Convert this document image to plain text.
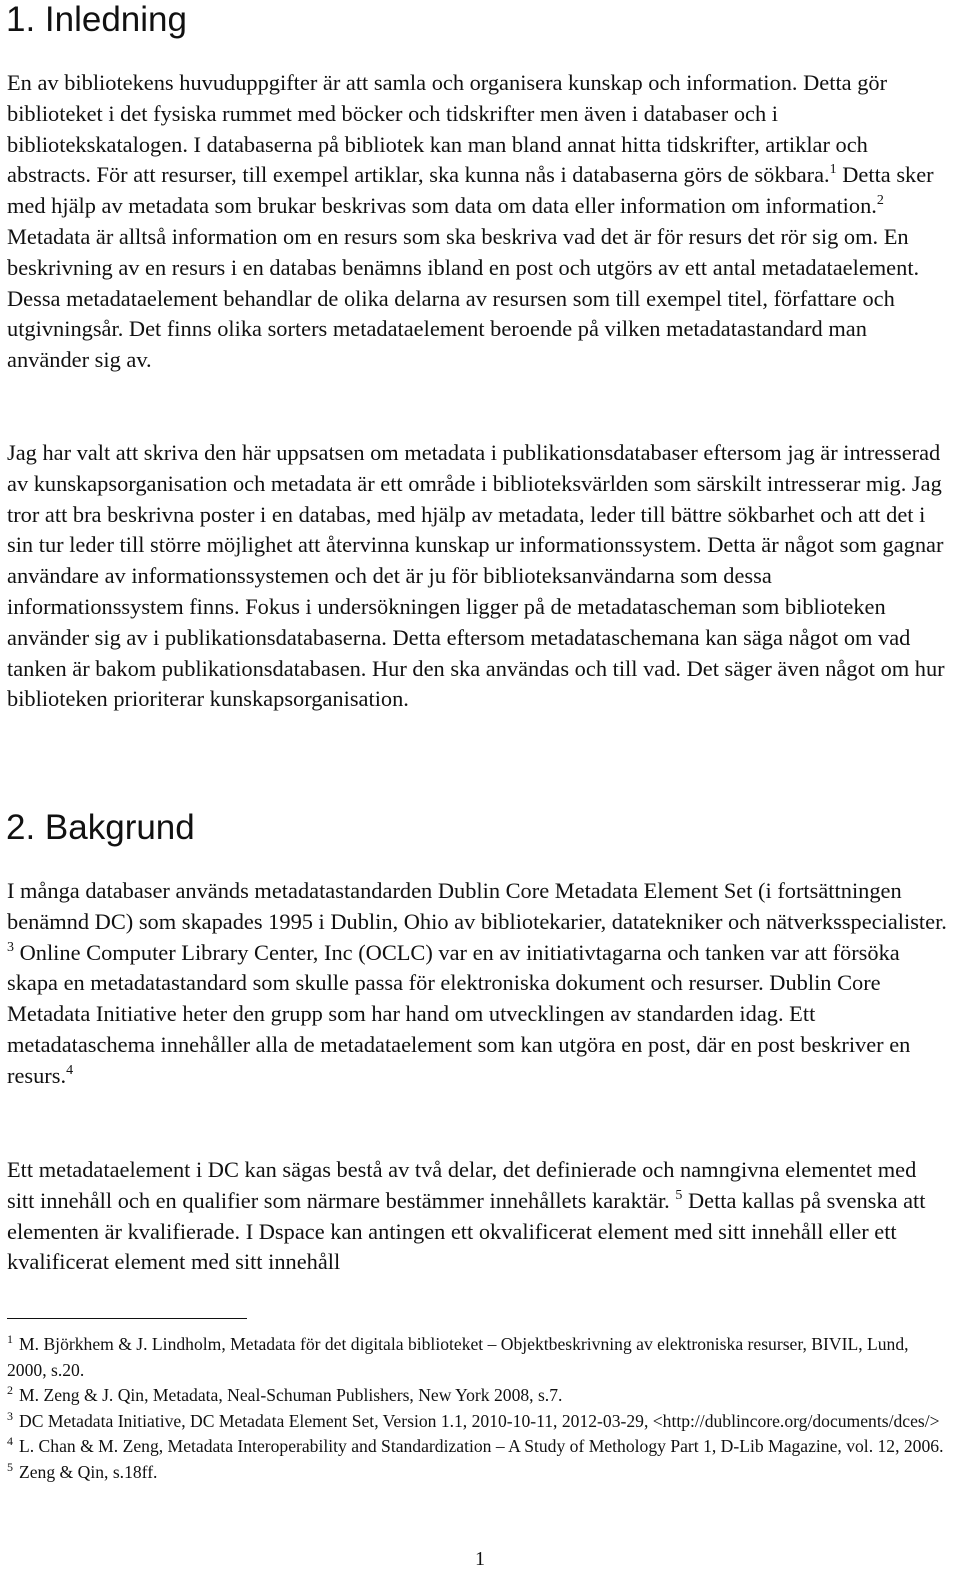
1. Inledning

En av bibliotekens huvuduppgifter är att samla och organisera kunskap och information. Detta gör biblioteket i det fysiska rummet med böcker och tidskrifter men även i databaser och i bibliotekskatalogen. I databaserna på bibliotek kan man bland annat hitta tidskrifter, artiklar och abstracts. För att resurser, till exempel artiklar, ska kunna nås i databaserna görs de sökbara.$^1$ Detta sker med hjälp av metadata som brukar beskrivas som data om data eller information om information.$^2$ Metadata är alltså information om en resurs som ska beskriva vad det är för resurs det rör sig om. En beskrivning av en resurs i en databas benämns ibland en post och utgörs av ett antal metadataelement. Dessa metadataelement behandlar de olika delarna av resursen som till exempel titel, författare och utgivningsår. Det finns olika sorters metadataelement beroende på vilken metadatastandard man använder sig av.

Jag har valt att skriva den här uppsatsen om metadata i publikationsdatabaser eftersom jag är intresserad av kunskapsorganisation och metadata är ett område i biblioteksvärlden som särskilt intresserar mig. Jag tror att bra beskrivna poster i en databas, med hjälp av metadata, leder till bättre sökbarhet och att det i sin tur leder till större möjlighet att återvinna kunskap ur informationssystem. Detta är något som gagnar användare av informationssystemen och det är ju för biblioteksanvändarna som dessa informationssystem finns. Fokus i undersökningen ligger på de metadatascheman som biblioteken använder sig av i publikationsdatabaserna. Detta eftersom metadataschemana kan säga något om vad tanken är bakom publikationsdatabasen. Hur den ska användas och till vad. Det säger även något om hur biblioteken prioriterar kunskapsorganisation.

2. Bakgrund

I många databaser används metadatastandarden Dublin Core Metadata Element Set (i fortsättningen benämnd DC) som skapades 1995 i Dublin, Ohio av bibliotekarier, datatekniker och nätverksspecialister. $^3$ Online Computer Library Center, Inc (OCLC) var en av initiativtagarna och tanken var att försöka skapa en metadatastandard som skulle passa för elektroniska dokument och resurser. Dublin Core Metadata Initiative heter den grupp som har hand om utvecklingen av standarden idag. Ett metadataschema innehåller alla de metadataelement som kan utgöra en post, där en post beskriver en resurs.$^4$

Ett metadataelement i DC kan sägas bestå av två delar, det definierade och namngivna elementet med sitt innehåll och en qualifier som närmare bestämmer innehållets karaktär. $^5$ Detta kallas på svenska att elementen är kvalifierade. I Dspace kan antingen ett okvalificerat element med sitt innehåll eller ett kvalificerat element med sitt innehåll

$^1$ M. Björkhem & J. Lindholm, Metadata för det digitala biblioteket – Objektbeskrivning av elektroniska resurser, BIVIL, Lund, 2000, s.20.

$^2$ M. Zeng & J. Qin, Metadata, Neal-Schuman Publishers, New York 2008, s.7.

$^3$ DC Metadata Initiative, DC Metadata Element Set, Version 1.1, 2010-10-11, 2012-03-29, <http://dublincore.org/documents/dces/>

$^4$ L. Chan & M. Zeng, Metadata Interoperability and Standardization – A Study of Methology Part 1, D-Lib Magazine, vol. 12, 2006.

$^5$ Zeng & Qin, s.18ff.

1
